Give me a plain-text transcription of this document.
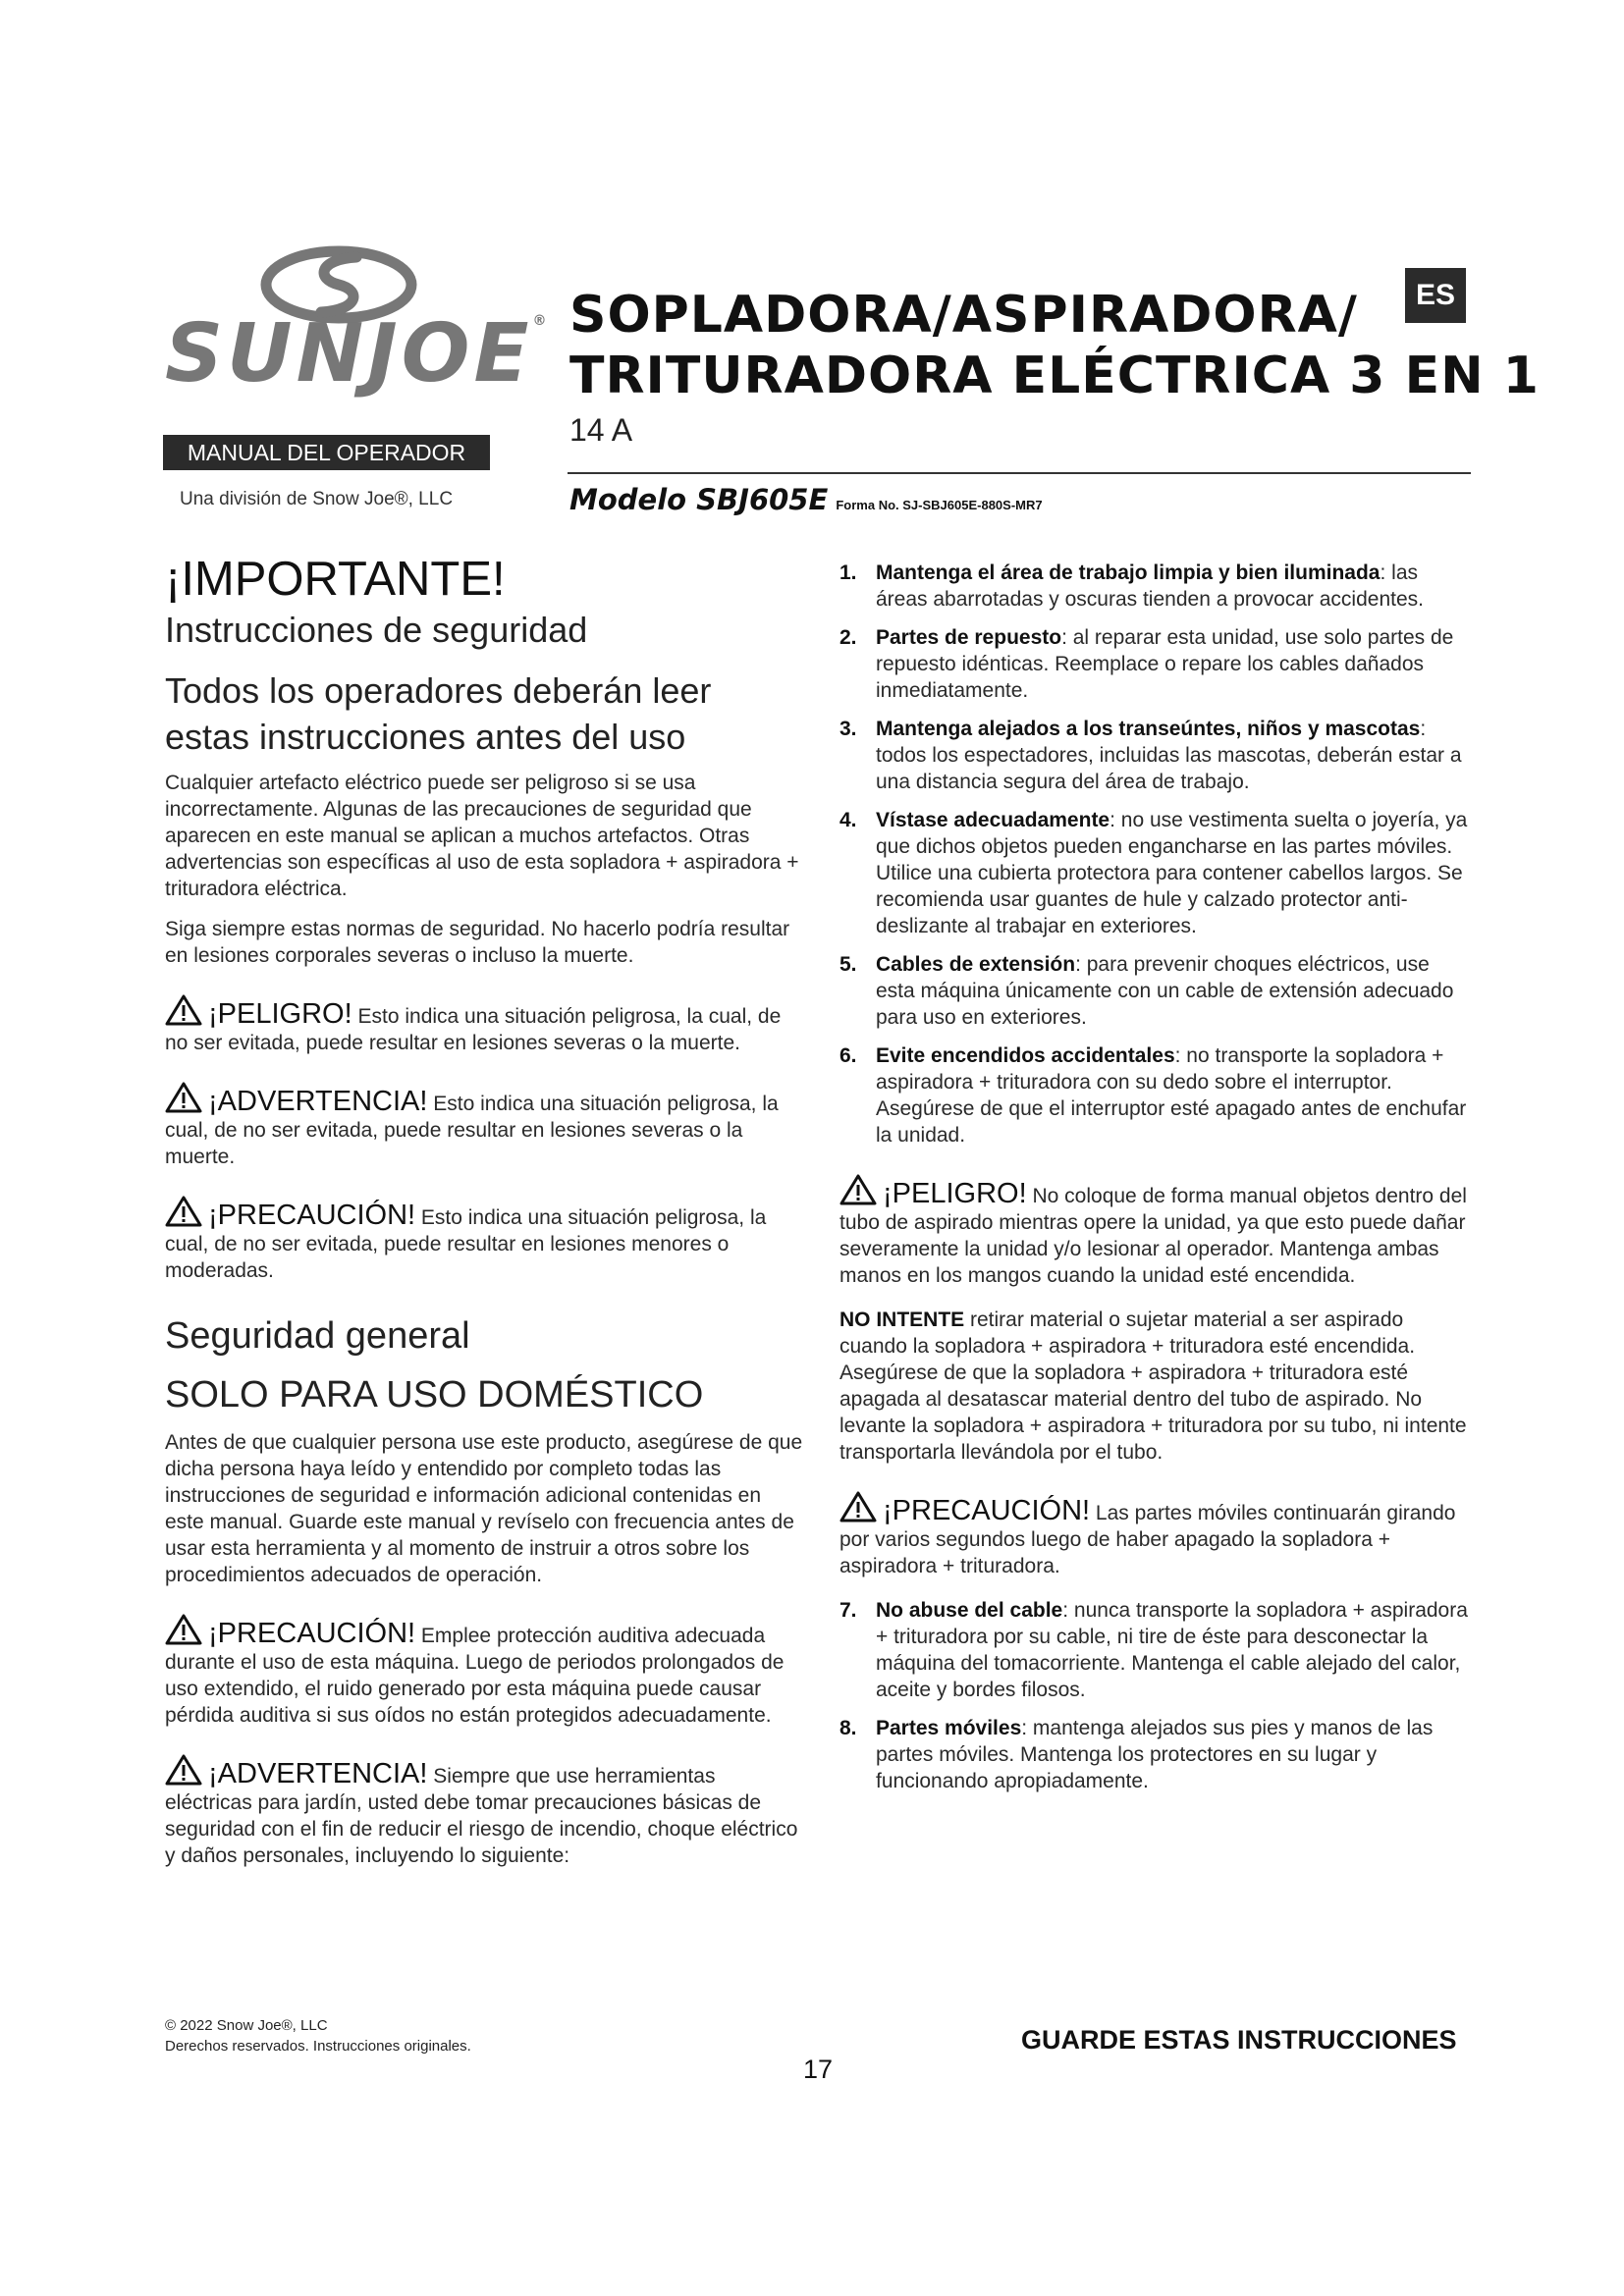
SUNJOE®
MANUAL DEL OPERADOR
Una división de Snow Joe®, LLC
ES
SOPLADORA/ASPIRADORA/
TRITURADORA ELÉCTRICA 3 EN 1
14 A
Modelo SBJ605E Forma No. SJ-SBJ605E-880S-MR7
¡IMPORTANTE!
Instrucciones de seguridad
Todos los operadores deberán leer estas instrucciones antes del uso

Cualquier artefacto eléctrico puede ser peligroso si se usa incorrectamente. Algunas de las precauciones de seguridad que aparecen en este manual se aplican a muchos artefactos. Otras advertencias son específicas al uso de esta sopladora + aspiradora + trituradora eléctrica.

Siga siempre estas normas de seguridad. No hacerlo podría resultar en lesiones corporales severas o incluso la muerte.

¡PELIGRO! Esto indica una situación peligrosa, la cual, de no ser evitada, puede resultar en lesiones severas o la muerte.

¡ADVERTENCIA! Esto indica una situación peligrosa, la cual, de no ser evitada, puede resultar en lesiones severas o la muerte.

¡PRECAUCIÓN! Esto indica una situación peligrosa, la cual, de no ser evitada, puede resultar en lesiones menores o moderadas.

Seguridad general
SOLO PARA USO DOMÉSTICO

Antes de que cualquier persona use este producto, asegúrese de que dicha persona haya leído y entendido por completo todas las instrucciones de seguridad e información adicional contenidas en este manual. Guarde este manual y revíselo con frecuencia antes de usar esta herramienta y al momento de instruir a otros sobre los procedimientos adecuados de operación.

¡PRECAUCIÓN! Emplee protección auditiva adecuada durante el uso de esta máquina. Luego de periodos prolongados de uso extendido, el ruido generado por esta máquina puede causar pérdida auditiva si sus oídos no están protegidos adecuadamente.

¡ADVERTENCIA! Siempre que use herramientas eléctricas para jardín, usted debe tomar precauciones básicas de seguridad con el fin de reducir el riesgo de incendio, choque eléctrico y daños personales, incluyendo lo siguiente:

1. Mantenga el área de trabajo limpia y bien iluminada: las áreas abarrotadas y oscuras tienden a provocar accidentes.
2. Partes de repuesto: al reparar esta unidad, use solo partes de repuesto idénticas. Reemplace o repare los cables dañados inmediatamente.
3. Mantenga alejados a los transeúntes, niños y mascotas: todos los espectadores, incluidas las mascotas, deberán estar a una distancia segura del área de trabajo.
4. Vístase adecuadamente: no use vestimenta suelta o joyería, ya que dichos objetos pueden engancharse en las partes móviles. Utilice una cubierta protectora para contener cabellos largos. Se recomienda usar guantes de hule y calzado protector anti-deslizante al trabajar en exteriores.
5. Cables de extensión: para prevenir choques eléctricos, use esta máquina únicamente con un cable de extensión adecuado para uso en exteriores.
6. Evite encendidos accidentales: no transporte la sopladora + aspiradora + trituradora con su dedo sobre el interruptor. Asegúrese de que el interruptor esté apagado antes de enchufar la unidad.

¡PELIGRO! No coloque de forma manual objetos dentro del tubo de aspirado mientras opere la unidad, ya que esto puede dañar severamente la unidad y/o lesionar al operador. Mantenga ambas manos en los mangos cuando la unidad esté encendida.

NO INTENTE retirar material o sujetar material a ser aspirado cuando la sopladora + aspiradora + trituradora esté encendida. Asegúrese de que la sopladora + aspiradora + trituradora esté apagada al desatascar material dentro del tubo de aspirado. No levante la sopladora + aspiradora + trituradora por su tubo, ni intente transportarla llevándola por el tubo.

¡PRECAUCIÓN! Las partes móviles continuarán girando por varios segundos luego de haber apagado la sopladora + aspiradora + trituradora.

7. No abuse del cable: nunca transporte la sopladora + aspiradora + trituradora por su cable, ni tire de éste para desconectar la máquina del tomacorriente. Mantenga el cable alejado del calor, aceite y bordes filosos.
8. Partes móviles: mantenga alejados sus pies y manos de las partes móviles. Mantenga los protectores en su lugar y funcionando apropiadamente.
© 2022 Snow Joe®, LLC
Derechos reservados. Instrucciones originales.	GUARDE ESTAS INSTRUCCIONES
17
